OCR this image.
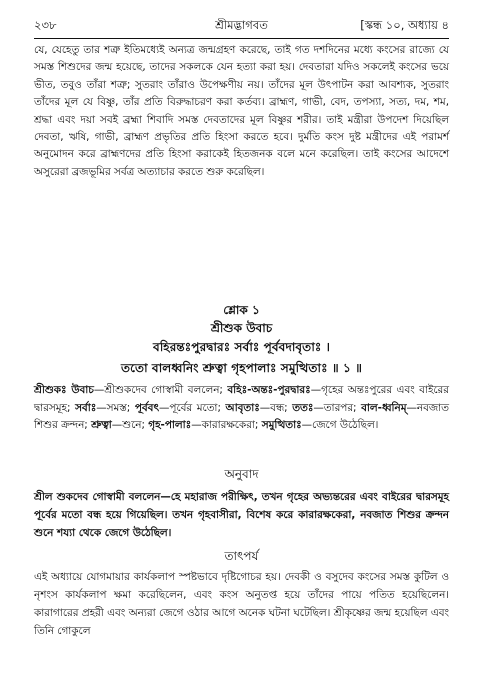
২৩৮	শ্রীমদ্ভাগবত	[স্কন্ধ ১০, অধ্যায় ৪

যে, যেহেতু তার শত্রু ইতিমধ্যেই অন্যত্র জন্মগ্রহণ করেছে, তাই গত দশদিনের মধ্যে কংসের রাজ্যে যে সমস্ত শিশুদের জন্ম হয়েছে, তাদের সকলকে যেন হত্যা করা হয়। দেবতারা যদিও সকলেই কংসের ভয়ে ভীত, তবুও তাঁরা শত্রু; সুতরাং তাঁরাও উপেক্ষণীয় নয়। তাঁদের মূল উৎপাটন করা আবশ্যক, সুতরাং তাঁদের মূল যে বিষ্ণু, তাঁর প্রতি বিরুদ্ধাচরণ করা কর্তব্য। ব্রাহ্মণ, গাভী, বেদ, তপস্যা, সত্য, দম, শম, শ্রদ্ধা এবং দয়া সবই ব্রহ্মা শিবাদি সমস্ত দেবতাদের মূল বিষ্ণুর শরীর। তাই মন্ত্রীরা উপদেশ দিয়েছিল দেবতা, ঋষি, গাভী, ব্রাহ্মণ প্রভৃতির প্রতি হিংসা করতে হবে। দুর্মতি কংস দুষ্ট মন্ত্রীদের এই পরামর্শ অনুমোদন করে ব্রাহ্মণদের প্রতি হিংসা করাকেই হিতজনক বলে মনে করেছিল। তাই কংসের আদেশে অসুরেরা ব্রজভূমির সর্বত্র অত্যাচার করতে শুরু করেছিল।

শ্লোক ১
শ্রীশুক উবাচ
বহিরন্তঃপুরদ্বারঃ সর্বাঃ পূর্ববদাবৃতাঃ ।
ততো বালধ্বনিং শ্রুত্বা গৃহপালাঃ সমুত্থিতাঃ ॥ ১ ॥

শ্রীশুকঃ উবাচ—শ্রীশুকদেব গোস্বামী বললেন; বহিঃ-অন্তঃ-পুরদ্বারঃ—গৃহের অন্তঃপুরের এবং বাইরের দ্বারসমূহ; সর্বাঃ—সমস্ত; পূর্ববৎ—পূর্বের মতো; আবৃতাঃ—বন্ধ; ততঃ—তারপর; বাল-ধ্বনিম্—নবজাত শিশুর ক্রন্দন; শ্রুত্বা—শুনে; গৃহ-পালাঃ—কারারক্ষকেরা; সমুত্থিতাঃ—জেগে উঠেছিল।

অনুবাদ

শ্রীল শুকদেব গোস্বামী বললেন—হে মহারাজ পরীক্ষিৎ, তখন গৃহের অভ্যন্তরের এবং বাইরের দ্বারসমূহ পূর্বের মতো বন্ধ হয়ে গিয়েছিল। তখন গৃহবাসীরা, বিশেষ করে কারারক্ষকেরা, নবজাত শিশুর ক্রন্দন শুনে শয্যা থেকে জেগে উঠেছিল।

তাৎপর্য

এই অধ্যায়ে যোগমায়ার কার্যকলাপ স্পষ্টভাবে দৃষ্টিগোচর হয়। দেবকী ও বসুদেব কংসের সমস্ত কুটিল ও নৃশংস কার্যকলাপ ক্ষমা করেছিলেন, এবং কংস অনুতপ্ত হয়ে তাঁদের পায়ে পতিত হয়েছিলেন। কারাগারের প্রহরী এবং অন্যরা জেগে ওঠার আগে অনেক ঘটনা ঘটেছিল। শ্রীকৃষ্ণের জন্ম হয়েছিল এবং তিনি গোকুলে
